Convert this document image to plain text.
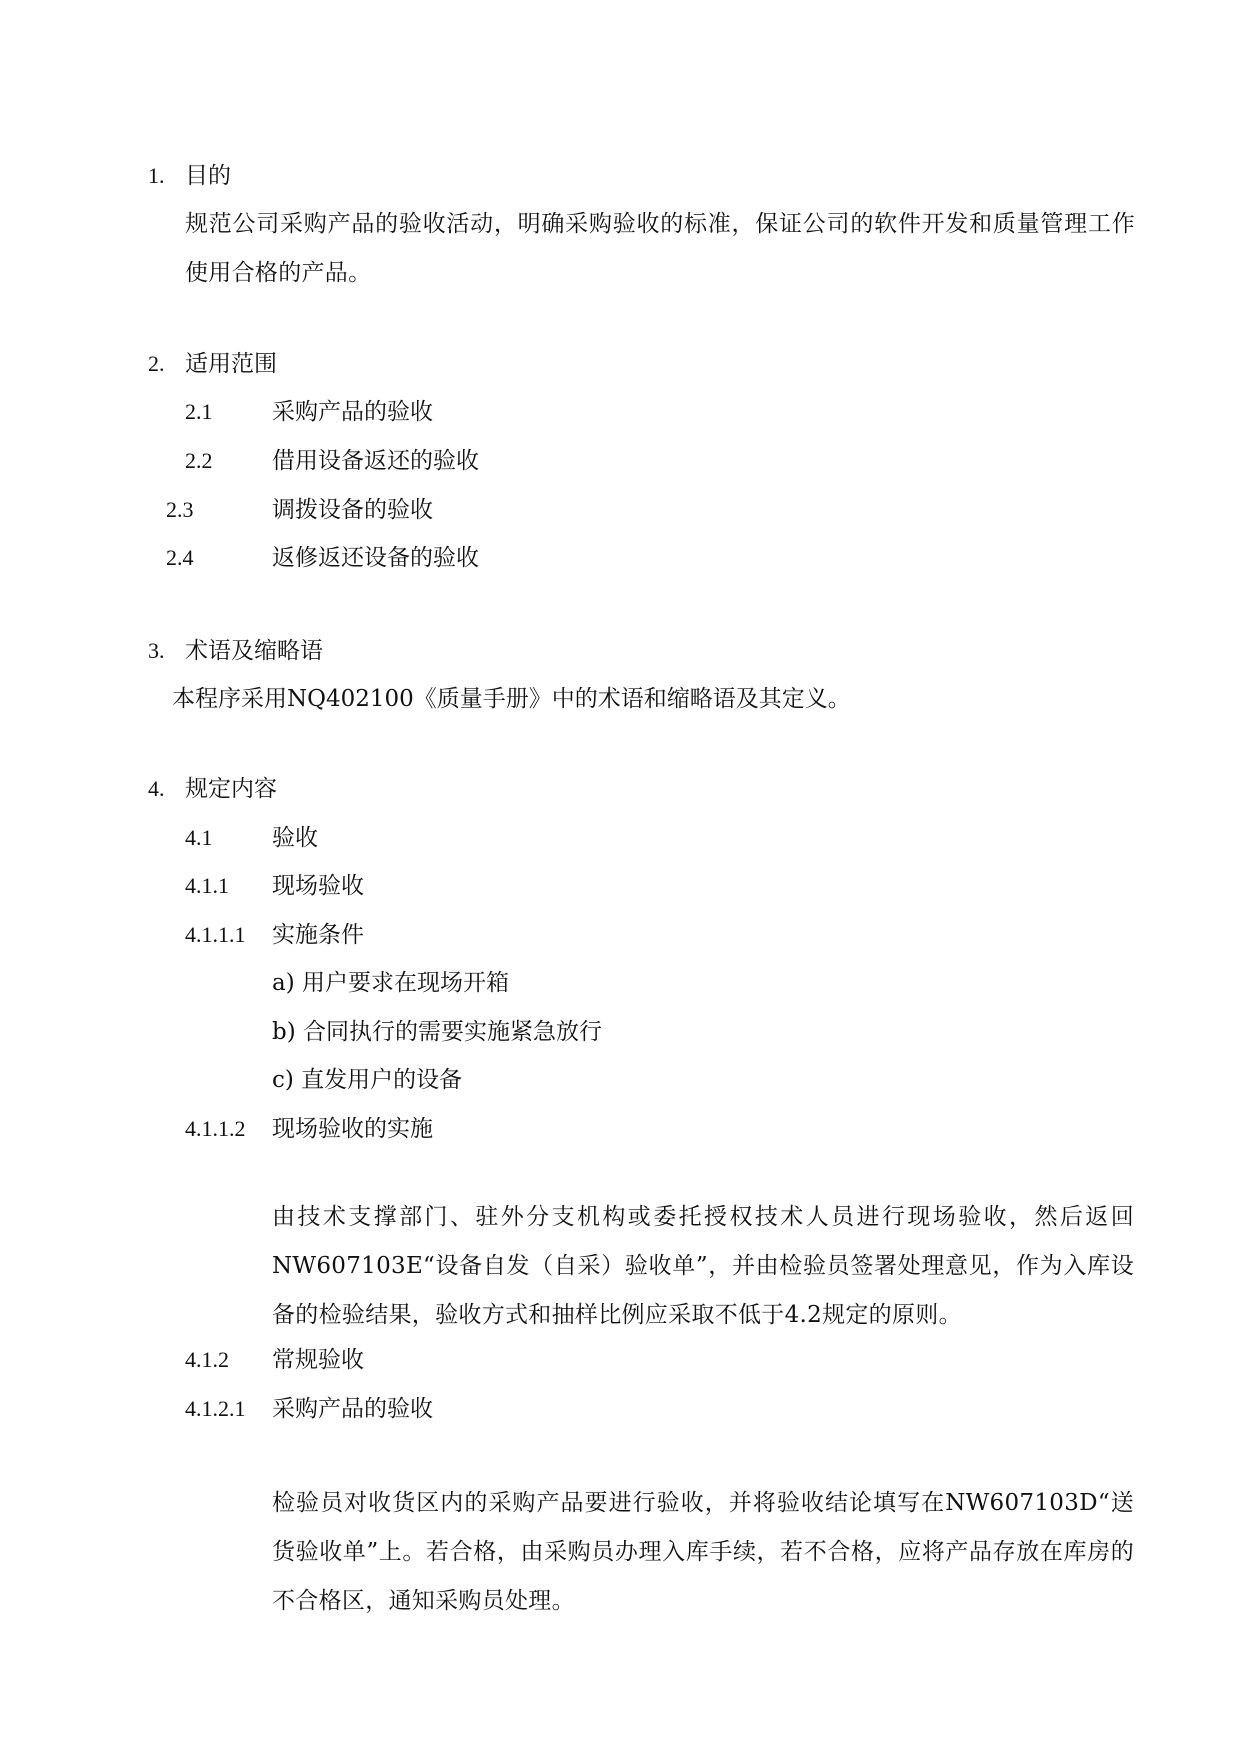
1. 目的
规范公司采购产品的验收活动，明确采购验收的标准，保证公司的软件开发和质量管理工作使用合格的产品。
2. 适用范围
2.1	采购产品的验收
2.2	借用设备返还的验收
2.3	调拨设备的验收
2.4	返修返还设备的验收
3. 术语及缩略语
本程序采用NQ402100《质量手册》中的术语和缩略语及其定义。
4. 规定内容
4.1	验收
4.1.1 现场验收
4.1.1.1 实施条件
a) 用户要求在现场开箱
b) 合同执行的需要实施紧急放行
c) 直发用户的设备
4.1.1.2 现场验收的实施
由技术支撑部门、驻外分支机构或委托授权技术人员进行现场验收，然后返回NW607103E“设备自发（自采）验收单”，并由检验员签署处理意见，作为入库设备的检验结果，验收方式和抽样比例应采取不低于4.2规定的原则。
4.1.2 常规验收
4.1.2.1 采购产品的验收
检验员对收货区内的采购产品要进行验收，并将验收结论填写在NW607103D“送货验收单”上。若合格，由采购员办理入库手续，若不合格，应将产品存放在库房的不合格区，通知采购员处理。
